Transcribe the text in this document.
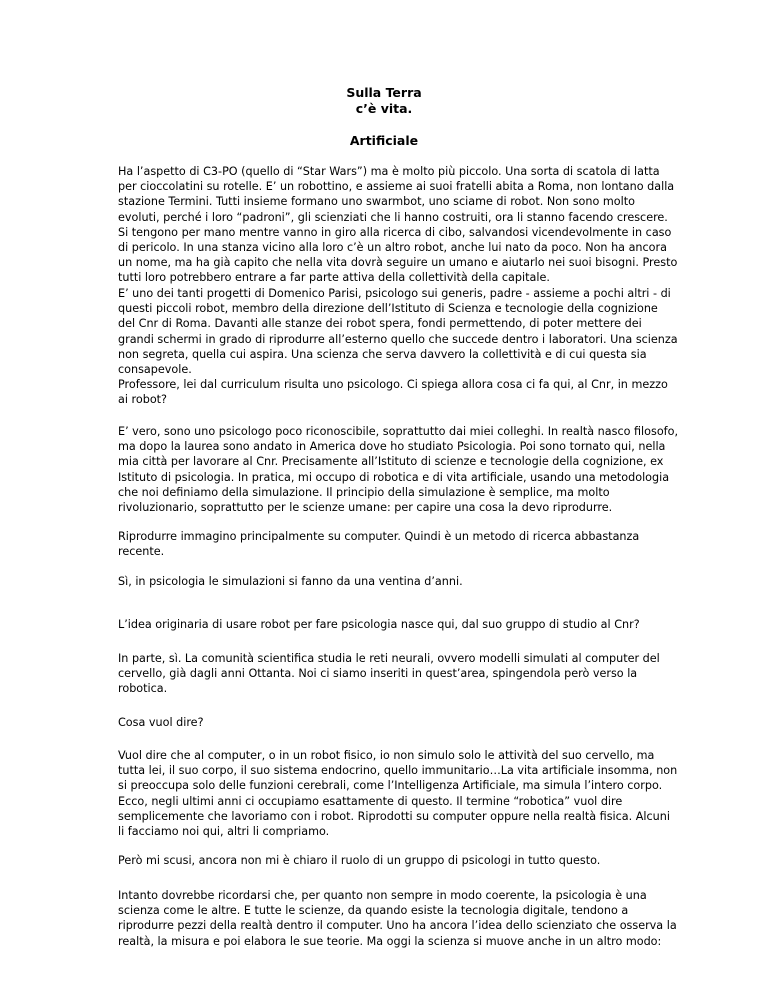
Sulla Terra
c’è vita.
Artificiale

Ha l’aspetto di C3-PO (quello di “Star Wars”) ma è molto più piccolo. Una sorta di scatola di latta per cioccolatini su rotelle. E’ un robottino, e assieme ai suoi fratelli abita a Roma, non lontano dalla stazione Termini. Tutti insieme formano uno swarmbot, uno sciame di robot. Non sono molto evoluti, perché i loro “padroni”, gli scienziati che li hanno costruiti, ora li stanno facendo crescere. Si tengono per mano mentre vanno in giro alla ricerca di cibo, salvandosi vicendevolmente in caso di pericolo. In una stanza vicino alla loro c’è un altro robot, anche lui nato da poco. Non ha ancora un nome, ma ha già capito che nella vita dovrà seguire un umano e aiutarlo nei suoi bisogni. Presto tutti loro potrebbero entrare a far parte attiva della collettività della capitale.

E’ uno dei tanti progetti di Domenico Parisi, psicologo sui generis, padre - assieme a pochi altri - di questi piccoli robot, membro della direzione dell’Istituto di Scienza e tecnologie della cognizione del Cnr di Roma. Davanti alle stanze dei robot spera, fondi permettendo, di poter mettere dei grandi schermi in grado di riprodurre all’esterno quello che succede dentro i laboratori. Una scienza non segreta, quella cui aspira. Una scienza che serva davvero la collettività e di cui questa sia consapevole.

Professore, lei dal curriculum risulta uno psicologo. Ci spiega allora cosa ci fa qui, al Cnr, in mezzo ai robot?

E’ vero, sono uno psicologo poco riconoscibile, soprattutto dai miei colleghi. In realtà nasco filosofo, ma dopo la laurea sono andato in America dove ho studiato Psicologia. Poi sono tornato qui, nella mia città per lavorare al Cnr. Precisamente all’Istituto di scienze e tecnologie della cognizione, ex Istituto di psicologia. In pratica, mi occupo di robotica e di vita artificiale, usando una metodologia che noi definiamo della simulazione. Il principio della simulazione è semplice, ma molto rivoluzionario, soprattutto per le scienze umane: per capire una cosa la devo riprodurre.

Riprodurre immagino principalmente su computer. Quindi è un metodo di ricerca abbastanza recente.

Sì, in psicologia le simulazioni si fanno da una ventina d’anni.

L’idea originaria di usare robot per fare psicologia nasce qui, dal suo gruppo di studio al Cnr?

In parte, sì. La comunità scientifica studia le reti neurali, ovvero modelli simulati al computer del cervello, già dagli anni Ottanta. Noi ci siamo inseriti in quest’area, spingendola però verso la robotica.

Cosa vuol dire?

Vuol dire che al computer, o in un robot fisico, io non simulo solo le attività del suo cervello, ma tutta lei, il suo corpo, il suo sistema endocrino, quello immunitario…La vita artificiale insomma, non si preoccupa solo delle funzioni cerebrali, come l’Intelligenza Artificiale, ma simula l’intero corpo. Ecco, negli ultimi anni ci occupiamo esattamente di questo. Il termine “robotica” vuol dire semplicemente che lavoriamo con i robot. Riprodotti su computer oppure nella realtà fisica. Alcuni li facciamo noi qui, altri li compriamo.

Però mi scusi, ancora non mi è chiaro il ruolo di un gruppo di psicologi in tutto questo.

Intanto dovrebbe ricordarsi che, per quanto non sempre in modo coerente, la psicologia è una scienza come le altre. E tutte le scienze, da quando esiste la tecnologia digitale, tendono a riprodurre pezzi della realtà dentro il computer. Uno ha ancora l’idea dello scienziato che osserva la realtà, la misura e poi elabora le sue teorie. Ma oggi la scienza si muove anche in un altro modo:
